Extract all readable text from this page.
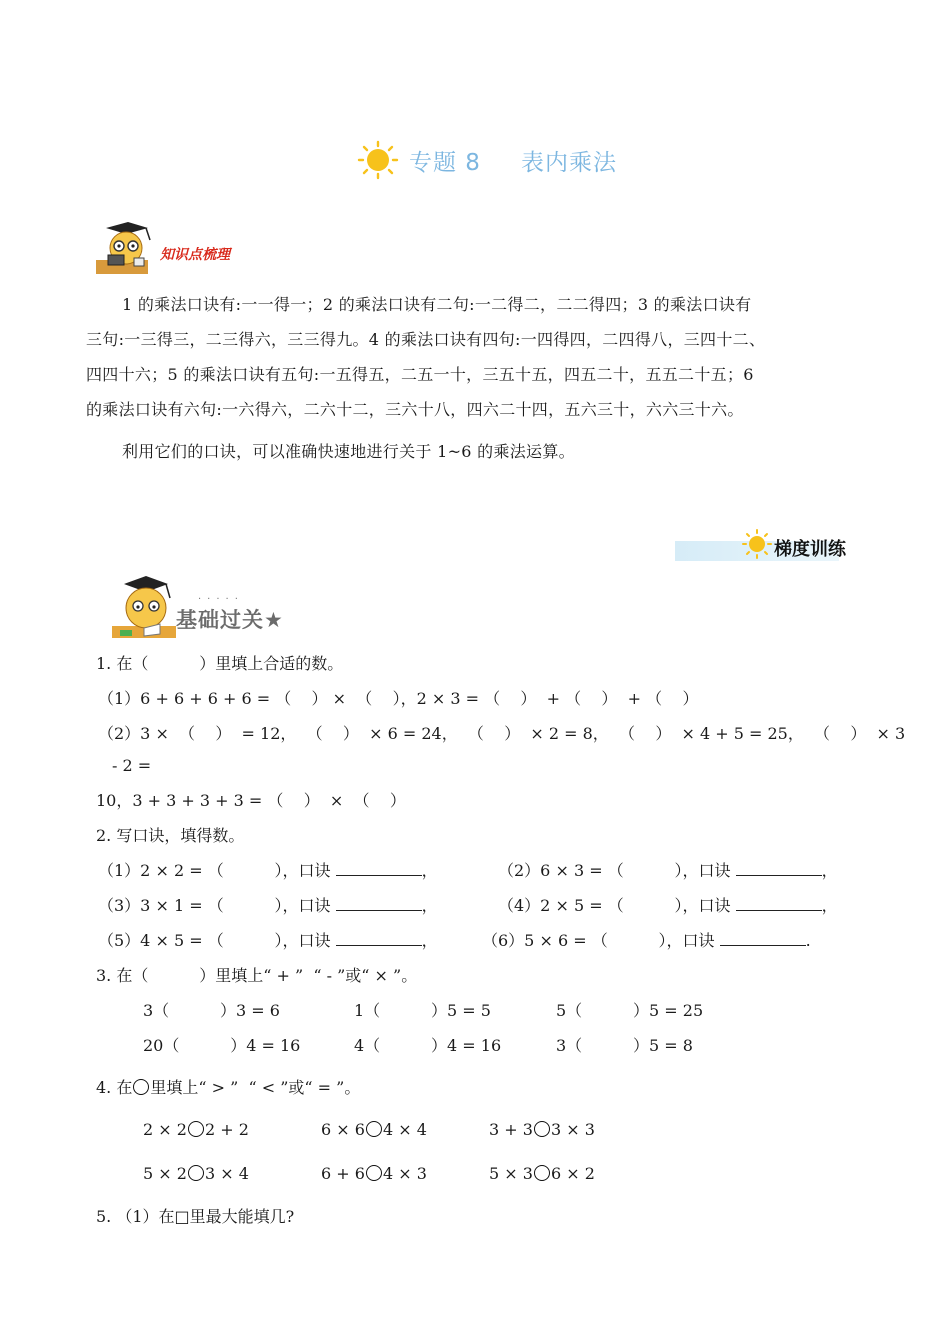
专题 8 表内乘法
知识点梳理
1 的乘法口诀有:一一得一；2 的乘法口诀有二句:一二得二，二二得四；3 的乘法口诀有
三句:一三得三，二三得六，三三得九。4 的乘法口诀有四句:一四得四，二四得八，三四十二、
四四十六；5 的乘法口诀有五句:一五得五，二五一十，三五十五，四五二十，五五二十五；6
的乘法口诀有六句:一六得六，二六十二，三六十八，四六二十四，五六三十，六六三十六。
利用它们的口诀，可以准确快速地进行关于 1~6 的乘法运算。
梯度训练
基础过关★
·····
1. 在（          ）里填上合适的数。
（1）6 + 6 + 6 + 6 = （    ） ×  （    ），2 × 3 = （    ）  + （    ）  + （    ）
（2）3 ×  （    ）  = 12，  （    ）  × 6 = 24，  （    ）  × 2 = 8，  （    ）  × 4 + 5 = 25，  （    ）  × 3
- 2 =
10，3 + 3 + 3 + 3 = （    ）  ×  （    ）
2. 写口诀，填得数。
（1）2 × 2 = （          ），口诀	，	（2）6 × 3 = （          ），口诀	，
（3）3 × 1 = （          ），口诀	，	（4）2 × 5 = （          ），口诀	，
（5）4 × 5 = （          ），口诀	，	（6）5 × 6 = （          ），口诀	.
3. 在（          ）里填上“ + ”  “ - ”或“ × ”。
3（          ）3 = 6	1（          ）5 = 5	5（          ）5 = 25
20（          ）4 = 16	4（          ）4 = 16	3（          ）5 = 8
4. 在 里填上“ > ”  “ < ”或“ = ”。
2 × 2 2 + 2	6 × 6 4 × 4	3 + 3 3 × 3
5 × 2 3 × 4	6 + 6 4 × 3	5 × 3 6 × 2
5. （1）在□里最大能填几?
